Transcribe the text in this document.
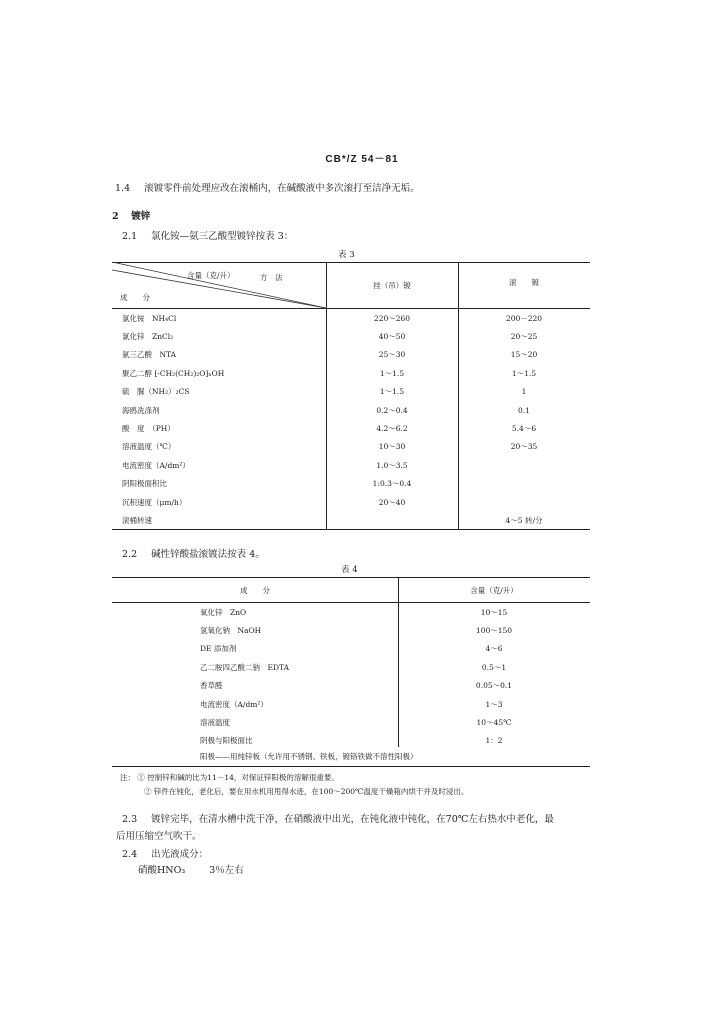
CB*/Z 54－81
1.4 滚镀零件前处理应改在滚桶内，在碱酸液中多次滚打至洁净无垢。
2 镀锌
2.1 氯化铵—氨三乙酸型镀锌按表 3：
表 3
含量（克/升）	方　法
成　　分
挂（吊）镀	滚　　镀
氯化铵　NH₄Cl	220～260	200－220
氯化锌　ZnCl₂	40～50	20～25
氨三乙酸　NTA	25～30	15～20
聚乙二醇 [-CH₂(CH₂)₂O]ₙOH	1～1.5	1～1.5
硫　脲（NH₂）₂CS	1～1.5	1
海鸥洗涤剂	0.2～0.4	0.1
酸　度　（PH）	4.2～6.2	5.4～6
溶液温度（℃）	10～30	20～35
电流密度（A/dm²）	1.0～3.5	
阴阳极面积比	1:0.3～0.4	
沉积速度（μm/h）	20～40	
滚桶转速		4～5 转/分
2.2 碱性锌酸盐滚镀法按表 4。
表 4
成　　分	含量（克/升）
氧化锌　ZnO	10～15
氢氧化钠　NaOH	100～150
DE 添加剂	4～6
乙二胺四乙酸二钠　EDTA	0.5～1
香草醛	0.05～0.1
电流密度（A/dm²）	1～3
溶液温度	10～45℃
阴极与阳极面比	1：2
阳极——用纯锌板（允许用不锈钢、铁板，镀铬铁做不溶性阳极）
注： ① 控制锌和碱的比为11－14，对保证锌阳极的溶解很重要。
② 锌件在钝化，老化后，要在用水机用甩得水迹，在100～200℃温度干燥箱内烘干并及时浸出。
2.3 镀锌完毕，在清水槽中洗干净，在硝酸液中出光，在钝化液中钝化，在70℃左右热水中老化，最
后用压缩空气吹干。
2.4 出光液成分：
硝酸HNO₃	3％左右
